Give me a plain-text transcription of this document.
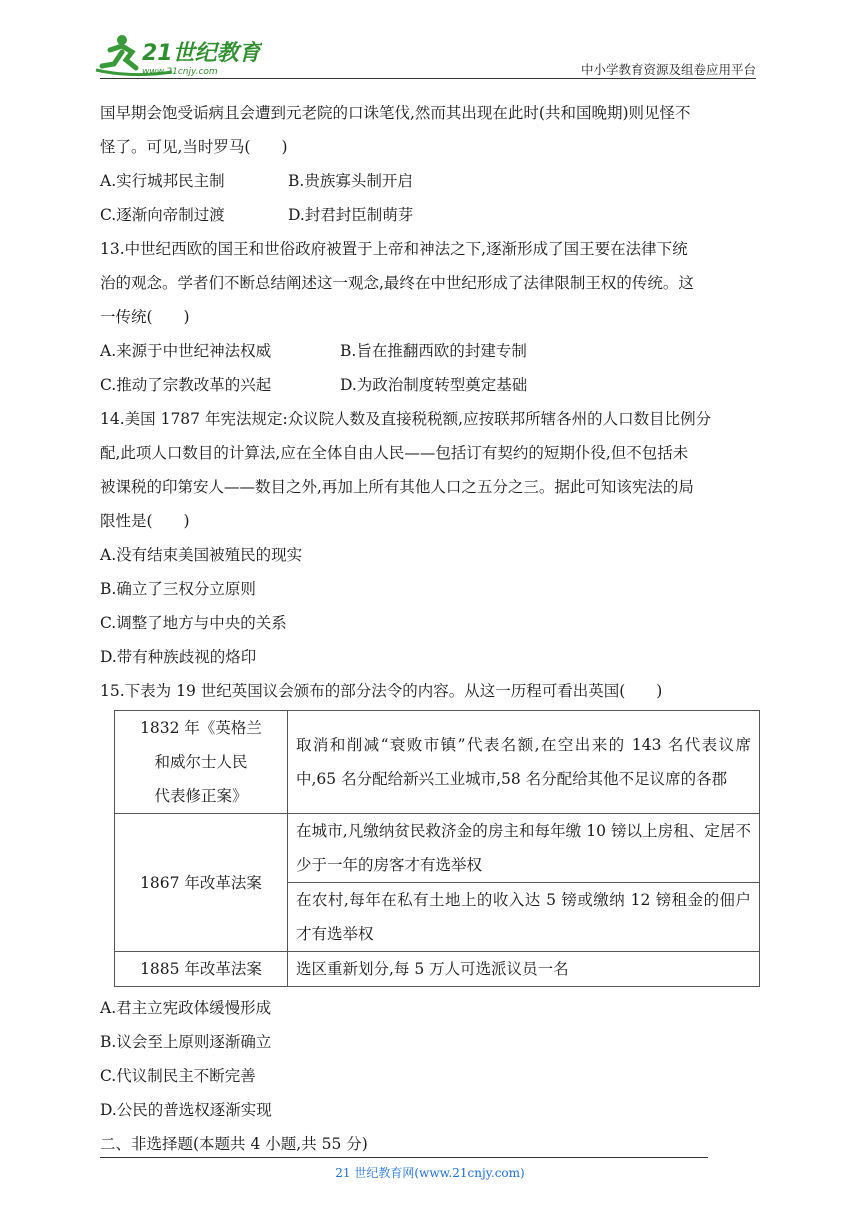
21世纪教育
www.21cnjy.com	中小学教育资源及组卷应用平台
国早期会饱受诟病且会遭到元老院的口诛笔伐,然而其出现在此时(共和国晚期)则见怪不
怪了。可见,当时罗马(　　)
A.实行城邦民主制	B.贵族寡头制开启
C.逐渐向帝制过渡	D.封君封臣制萌芽
13.中世纪西欧的国王和世俗政府被置于上帝和神法之下,逐渐形成了国王要在法律下统
治的观念。学者们不断总结阐述这一观念,最终在中世纪形成了法律限制王权的传统。这
一传统(　　)
A.来源于中世纪神法权威	B.旨在推翻西欧的封建专制
C.推动了宗教改革的兴起	D.为政治制度转型奠定基础
14.美国 1787 年宪法规定:众议院人数及直接税税额,应按联邦所辖各州的人口数目比例分
配,此项人口数目的计算法,应在全体自由人民——包括订有契约的短期仆役,但不包括未
被课税的印第安人——数目之外,再加上所有其他人口之五分之三。据此可知该宪法的局
限性是(　　)
A.没有结束美国被殖民的现实
B.确立了三权分立原则
C.调整了地方与中央的关系
D.带有种族歧视的烙印
15.下表为 19 世纪英国议会颁布的部分法令的内容。从这一历程可看出英国(　　)
1832 年《英格兰
和威尔士人民
代表修正案》	取消和削减“衰败市镇”代表名额,在空出来的 143 名代表议席中,65 名分配给新兴工业城市,58 名分配给其他不足议席的各郡
1867 年改革法案	在城市,凡缴纳贫民救济金的房主和每年缴 10 镑以上房租、定居不少于一年的房客才有选举权
	在农村,每年在私有土地上的收入达 5 镑或缴纳 12 镑租金的佃户才有选举权
1885 年改革法案	选区重新划分,每 5 万人可选派议员一名
A.君主立宪政体缓慢形成
B.议会至上原则逐渐确立
C.代议制民主不断完善
D.公民的普选权逐渐实现
二、非选择题(本题共 4 小题,共 55 分)
21 世纪教育网(www.21cnjy.com)
